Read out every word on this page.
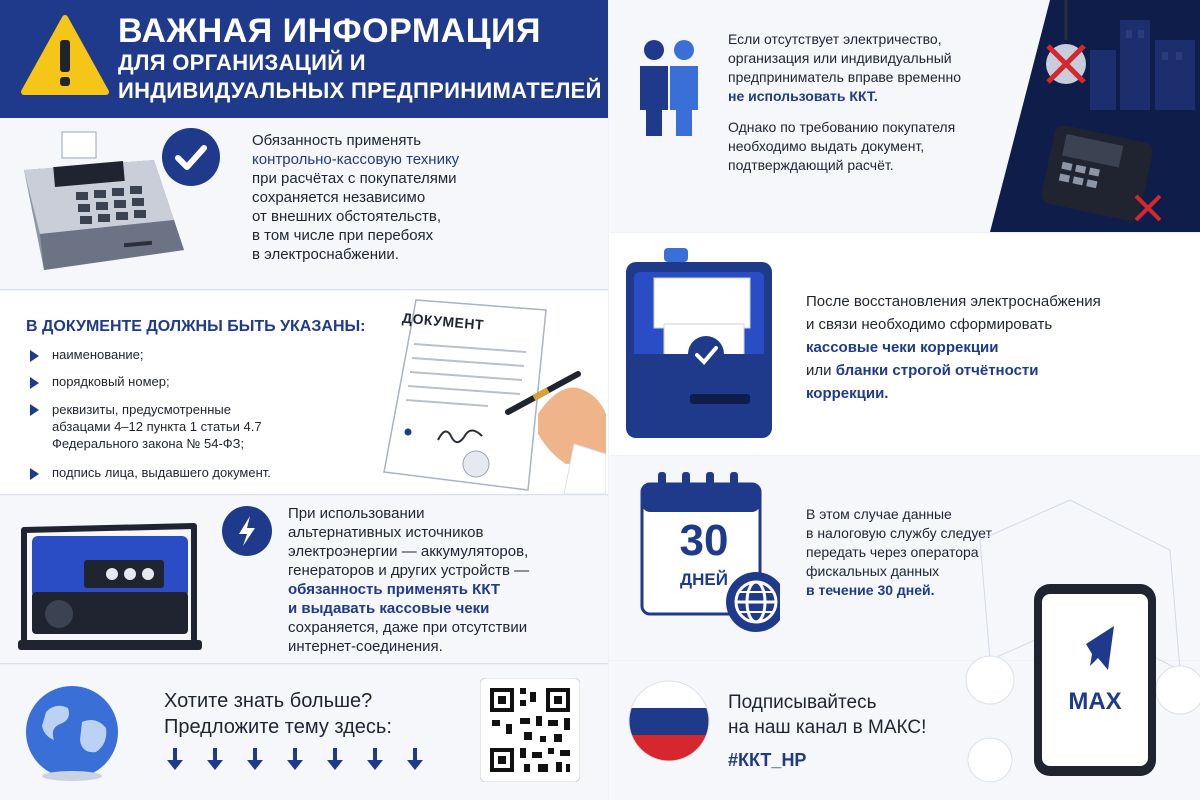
ВАЖНАЯ ИНФОРМАЦИЯ
ДЛЯ ОРГАНИЗАЦИЙ И
ИНДИВИДУАЛЬНЫХ ПРЕДПРИНИМАТЕЛЕЙ
Обязанность применять
контрольно-кассовую технику
при расчётах с покупателями
сохраняется независимо
от внешних обстоятельств,
в том числе при перебоях
в электроснабжении.
В ДОКУМЕНТЕ ДОЛЖНЫ БЫТЬ УКАЗАНЫ:
наименование;
порядковый номер;
реквизиты, предусмотренные
абзацами 4–12 пункта 1 статьи 4.7
Федерального закона № 54-ФЗ;
подпись лица, выдавшего документ.
ДОКУМЕНТ
При использовании
альтернативных источников
электроэнергии — аккумуляторов,
генераторов и других устройств —
обязанность применять ККТ
и выдавать кассовые чеки
сохраняется, даже при отсутствии
интернет-соединения.
Хотите знать больше?
Предложите тему здесь:
Если отсутствует электричество,
организация или индивидуальный
предприниматель вправе временно
не использовать ККТ.
Однако по требованию покупателя
необходимо выдать документ,
подтверждающий расчёт.
После восстановления электроснабжения
и связи необходимо сформировать
кассовые чеки коррекции
или бланки строгой отчётности
коррекции.
30
ДНЕЙ
В этом случае данные
в налоговую службу следует
передать через оператора
фискальных данных
в течение 30 дней.
MAX
Подписывайтесь
на наш канал в МАКС!
#ККТ_НР
